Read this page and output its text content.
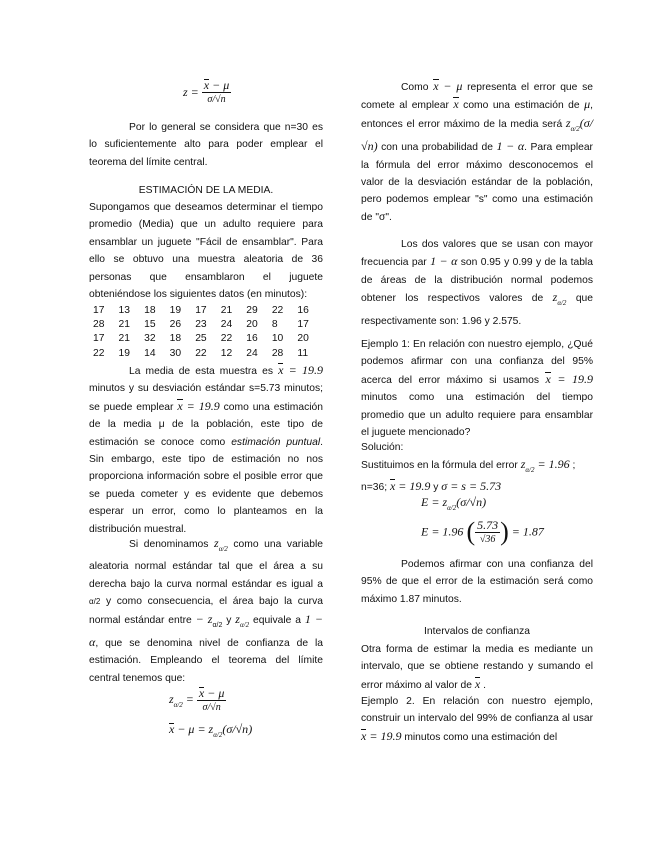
$z = \frac{x - \mu}{\sigma/√n}$

Por lo general se considera que n=30 es lo suficientemente alto para poder emplear el teorema del límite central.

ESTIMACIÓN DE LA MEDIA.

Supongamos que deseamos determinar el tiempo promedio (Media) que un adulto requiere para ensamblar un juguete "Fácil de ensamblar". Para ello se obtuvo una muestra aleatoria de 36 personas que ensamblaron el juguete obteniéndose los siguientes datos (en minutos):

17	13	18	19	17	21	29	22	16
28	21	15	26	23	24	20	8	17
17	21	32	18	25	22	16	10	20
22	19	14	30	22	12	24	28	11

La media de esta muestra es x = 19.9 minutos y su desviación estándar s=5.73 minutos; se puede emplear x = 19.9 como una estimación de la media μ de la población, este tipo de estimación se conoce como estimación puntual. Sin embargo, este tipo de estimación no nos proporciona información sobre el posible error que se pueda cometer y es evidente que debemos esperar un error, como lo planteamos en la distribución muestral.

Si denominamos $z_{\alpha/2}$ como una variable aleatoria normal estándar tal que el área a su derecha bajo la curva normal estándar es igual a α/2 y como consecuencia, el área bajo la curva normal estándar entre − $z_{\alpha/2}$ y $z_{\alpha/2}$ equivale a 1 − α, que se denomina nivel de confianza de la estimación. Empleando el teorema del límite central tenemos que:

$z_{\alpha/2} = \frac{x - \mu}{\sigma/√n}$
$x - \mu = z_{\alpha/2}(\sigma/√n)$

Como x − μ representa el error que se comete al emplear x como una estimación de μ, entonces el error máximo de la media será $z_{\alpha/2}(\sigma/√n)$ con una probabilidad de 1 − α. Para emplear la fórmula del error máximo desconocemos el valor de la desviación estándar de la población, pero podemos emplear "s" como una estimación de "σ".

Los dos valores que se usan con mayor frecuencia par 1 − α son 0.95 y 0.99 y de la tabla de áreas de la distribución normal podemos obtener los respectivos valores de $z_{\alpha/2}$ que respectivamente son: 1.96 y 2.575.

Ejemplo 1: En relación con nuestro ejemplo, ¿Qué podemos afirmar con una confianza del 95% acerca del error máximo si usamos x = 19.9 minutos como una estimación del tiempo promedio que un adulto requiere para ensamblar el juguete mencionado?

Solución:

Sustituimos en la fórmula del error $z_{\alpha/2} = 1.96$ ;

n=36; x = 19.9 y σ = s = 5.73

$E = z_{\alpha/2}(\sigma/√n)$
E = 1.96 ( $\frac{5.73}{√36}$ ) = 1.87

Podemos afirmar con una confianza del 95% de que el error de la estimación será como máximo 1.87 minutos.

Intervalos de confianza

Otra forma de estimar la media es mediante un intervalo, que se obtiene restando y sumando el error máximo al valor de x .

Ejemplo 2. En relación con nuestro ejemplo, construir un intervalo del 99% de confianza al usar x = 19.9 minutos como una estimación del
